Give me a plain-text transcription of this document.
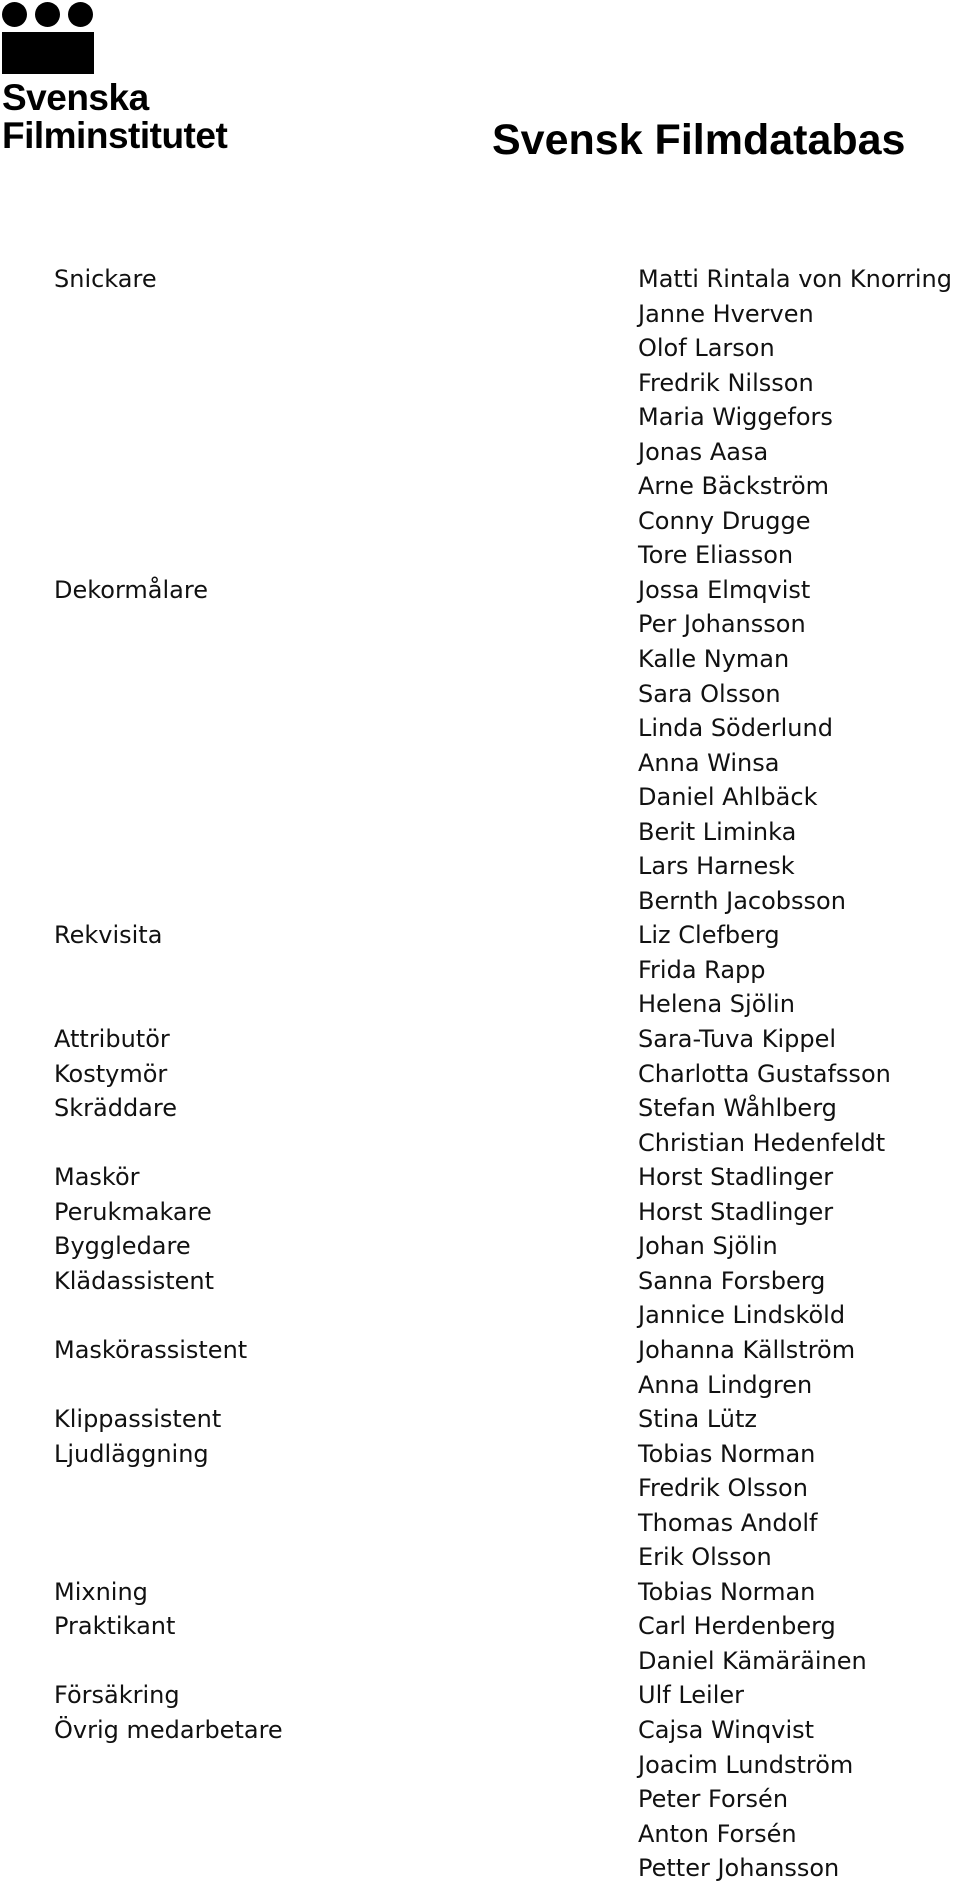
Svenska
Filminstitutet	Svensk Filmdatabas
Snickare	Matti Rintala von Knorring
Janne Hverven
Olof Larson
Fredrik Nilsson
Maria Wiggefors
Jonas Aasa
Arne Bäckström
Conny Drugge
Tore Eliasson
Dekormålare	Jossa Elmqvist
Per Johansson
Kalle Nyman
Sara Olsson
Linda Söderlund
Anna Winsa
Daniel Ahlbäck
Berit Liminka
Lars Harnesk
Bernth Jacobsson
Rekvisita	Liz Clefberg
Frida Rapp
Helena Sjölin
Attributör	Sara-Tuva Kippel
Kostymör	Charlotta Gustafsson
Skräddare	Stefan Wåhlberg
Christian Hedenfeldt
Maskör	Horst Stadlinger
Perukmakare	Horst Stadlinger
Byggledare	Johan Sjölin
Klädassistent	Sanna Forsberg
Jannice Lindsköld
Maskörassistent	Johanna Källström
Anna Lindgren
Klippassistent	Stina Lütz
Ljudläggning	Tobias Norman
Fredrik Olsson
Thomas Andolf
Erik Olsson
Mixning	Tobias Norman
Praktikant	Carl Herdenberg
Daniel Kämäräinen
Försäkring	Ulf Leiler
Övrig medarbetare	Cajsa Winqvist
Joacim Lundström
Peter Forsén
Anton Forsén
Petter Johansson
